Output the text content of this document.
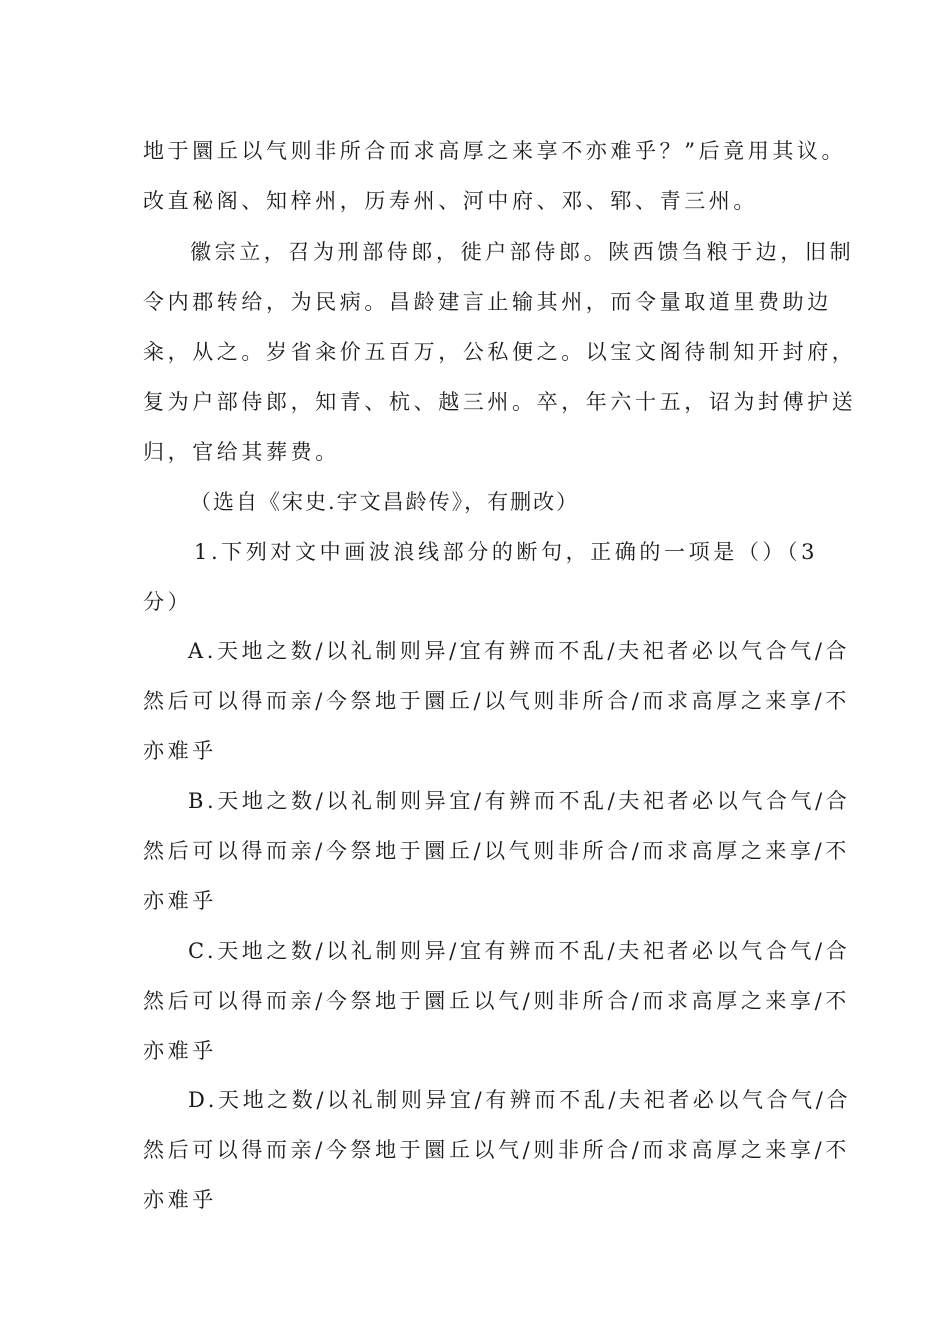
地于圜丘以气则非所合而求高厚之来享不亦难乎？”后竟用其议。
改直秘阁、知梓州，历寿州、河中府、邓、郓、青三州。
徽宗立，召为刑部侍郎，徙户部侍郎。陕西馈刍粮于边，旧制
令内郡转给，为民病。昌龄建言止输其州，而令量取道里费助边
籴，从之。岁省籴价五百万，公私便之。以宝文阁待制知开封府，
复为户部侍郎，知青、杭、越三州。卒，年六十五，诏为封傅护送
归，官给其葬费。
（选自《宋史.宇文昌龄传》，有删改）
1.下列对文中画波浪线部分的断句，正确的一项是（）（3
分）
A.天地之数/以礼制则异/宜有辨而不乱/夫祀者必以气合气/合
然后可以得而亲/今祭地于圜丘/以气则非所合/而求高厚之来享/不
亦难乎
B.天地之数/以礼制则异宜/有辨而不乱/夫祀者必以气合气/合
然后可以得而亲/今祭地于圜丘/以气则非所合/而求高厚之来享/不
亦难乎
C.天地之数/以礼制则异/宜有辨而不乱/夫祀者必以气合气/合
然后可以得而亲/今祭地于圜丘以气/则非所合/而求高厚之来享/不
亦难乎
D.天地之数/以礼制则异宜/有辨而不乱/夫祀者必以气合气/合
然后可以得而亲/今祭地于圜丘以气/则非所合/而求高厚之来享/不
亦难乎
